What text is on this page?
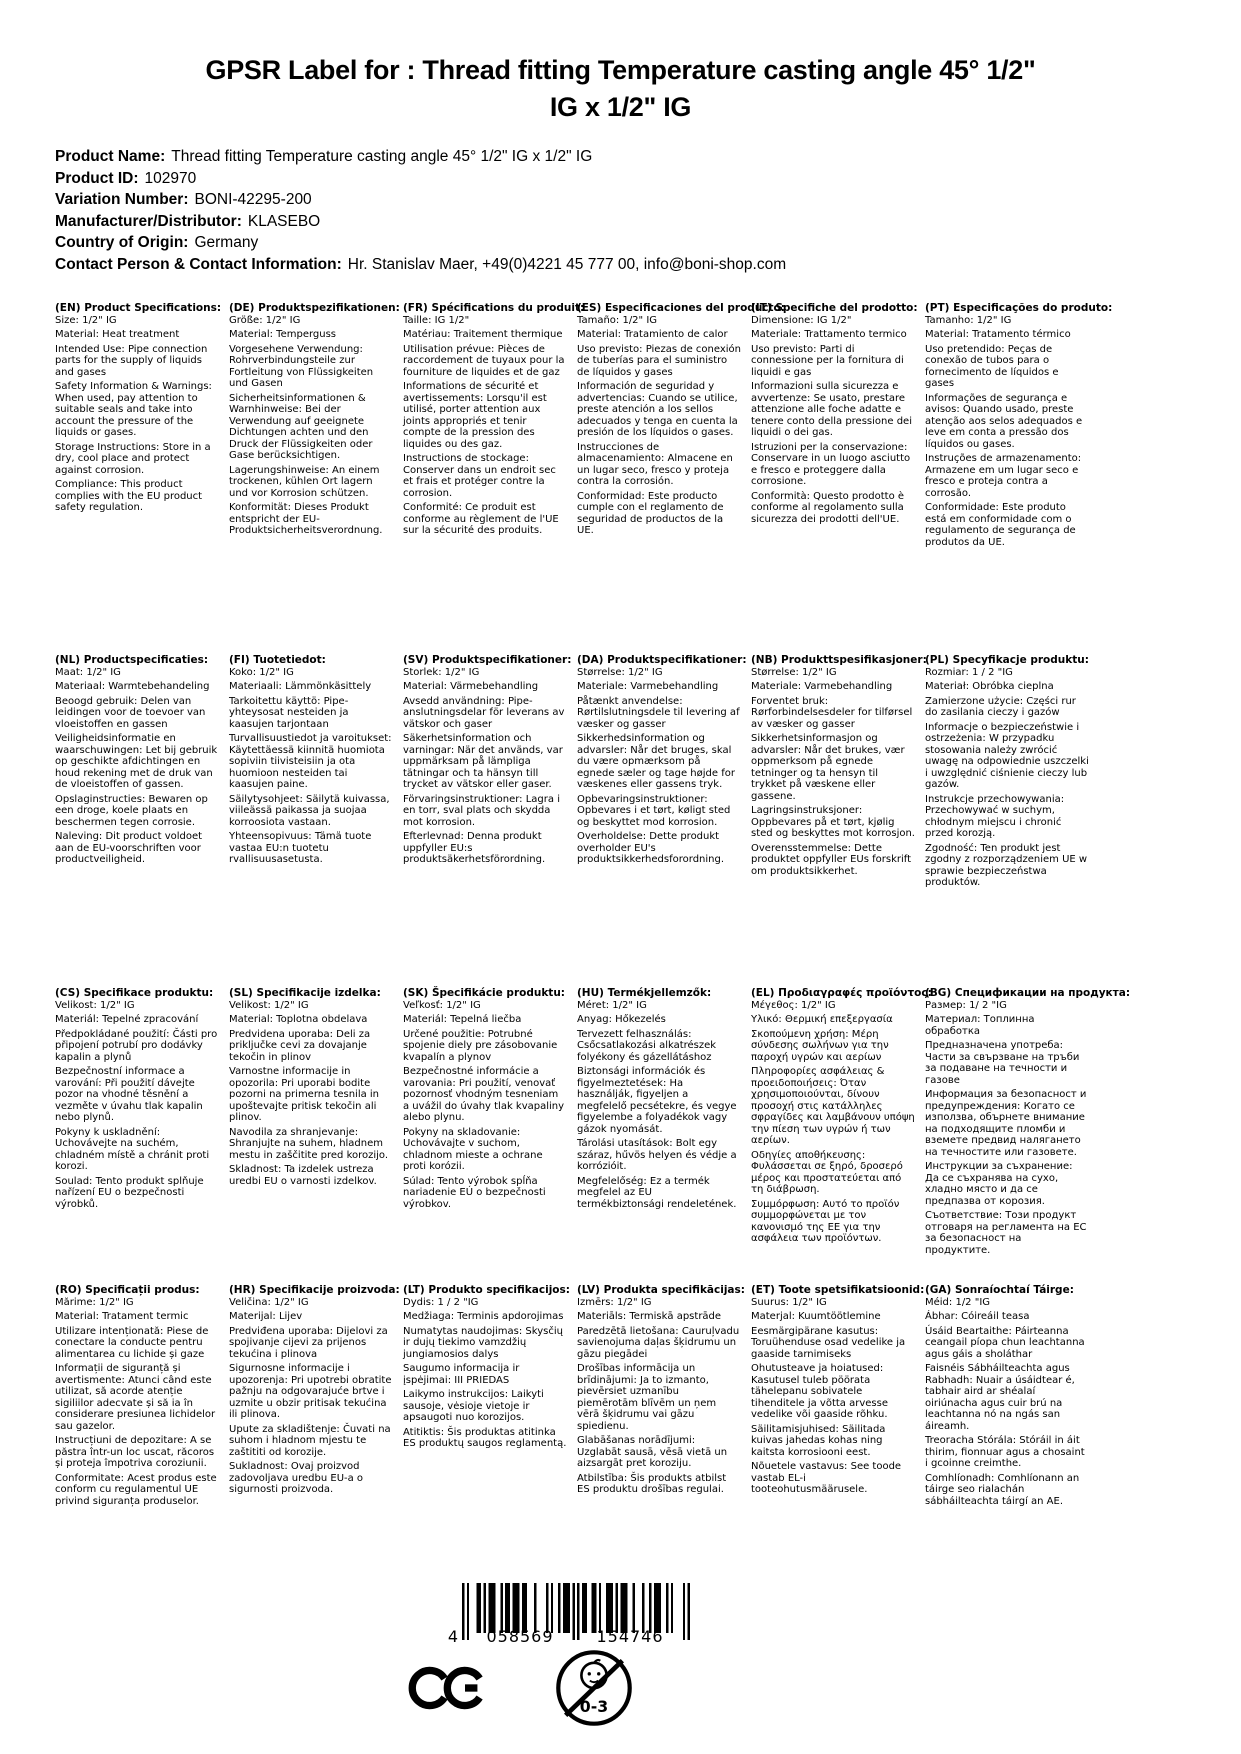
GPSR Label for : Thread fitting Temperature casting angle 45° 1/2"
IG x 1/2" IG
Product Name: Thread fitting Temperature casting angle 45° 1/2" IG x 1/2" IG
Product ID: 102970
Variation Number: BONI-42295-200
Manufacturer/Distributor: KLASEBO
Country of Origin: Germany
Contact Person & Contact Information: Hr. Stanislav Maer, +49(0)4221 45 777 00, info@boni-shop.com
(EN) Product Specifications:

Size: 1/2" IG

Material: Heat treatment

Intended Use: Pipe connection parts for the supply of liquids and gases

Safety Information & Warnings: When used, pay attention to suitable seals and take into account the pressure of the liquids or gases.

Storage Instructions: Store in a dry, cool place and protect against corrosion.

Compliance: This product complies with the EU product safety regulation.

(DE) Produktspezifikationen:

Größe: 1/2" IG

Material: Temperguss

Vorgesehene Verwendung: Rohrverbindungsteile zur Fortleitung von Flüssigkeiten und Gasen

Sicherheitsinformationen & Warnhinweise: Bei der Verwendung auf geeignete Dichtungen achten und den Druck der Flüssigkeiten oder Gase berücksichtigen.

Lagerungshinweise: An einem trockenen, kühlen Ort lagern und vor Korrosion schützen.

Konformität: Dieses Produkt entspricht der EU-Produktsicherheitsverordnung.

(FR) Spécifications du produit:

Taille: IG 1/2"

Matériau: Traitement thermique

Utilisation prévue: Pièces de raccordement de tuyaux pour la fourniture de liquides et de gaz

Informations de sécurité et avertissements: Lorsqu'il est utilisé, porter attention aux joints appropriés et tenir compte de la pression des liquides ou des gaz.

Instructions de stockage: Conserver dans un endroit sec et frais et protéger contre la corrosion.

Conformité: Ce produit est conforme au règlement de l'UE sur la sécurité des produits.

(ES) Especificaciones del producto:

Tamaño: 1/2" IG

Material: Tratamiento de calor

Uso previsto: Piezas de conexión de tuberías para el suministro de líquidos y gases

Información de seguridad y advertencias: Cuando se utilice, preste atención a los sellos adecuados y tenga en cuenta la presión de los líquidos o gases.

Instrucciones de almacenamiento: Almacene en un lugar seco, fresco y proteja contra la corrosión.

Conformidad: Este producto cumple con el reglamento de seguridad de productos de la UE.

(IT) Specifiche del prodotto:

Dimensione: IG 1/2"

Materiale: Trattamento termico

Uso previsto: Parti di connessione per la fornitura di liquidi e gas

Informazioni sulla sicurezza e avvertenze: Se usato, prestare attenzione alle foche adatte e tenere conto della pressione dei liquidi o dei gas.

Istruzioni per la conservazione: Conservare in un luogo asciutto e fresco e proteggere dalla corrosione.

Conformità: Questo prodotto è conforme al regolamento sulla sicurezza dei prodotti dell'UE.

(PT) Especificações do produto:

Tamanho: 1/2" IG

Material: Tratamento térmico

Uso pretendido: Peças de conexão de tubos para o fornecimento de líquidos e gases

Informações de segurança e avisos: Quando usado, preste atenção aos selos adequados e leve em conta a pressão dos líquidos ou gases.

Instruções de armazenamento: Armazene em um lugar seco e fresco e proteja contra a corrosão.

Conformidade: Este produto está em conformidade com o regulamento de segurança de produtos da UE.

(NL) Productspecificaties:

Maat: 1/2" IG

Materiaal: Warmtebehandeling

Beoogd gebruik: Delen van leidingen voor de toevoer van vloeistoffen en gassen

Veiligheidsinformatie en waarschuwingen: Let bij gebruik op geschikte afdichtingen en houd rekening met de druk van de vloeistoffen of gassen.

Opslaginstructies: Bewaren op een droge, koele plaats en beschermen tegen corrosie.

Naleving: Dit product voldoet aan de EU-voorschriften voor productveiligheid.

(FI) Tuotetiedot:

Koko: 1/2" IG

Materiaali: Lämmönkäsittely

Tarkoitettu käyttö: Pipe-yhteysosat nesteiden ja kaasujen tarjontaan

Turvallisuustiedot ja varoitukset: Käytettäessä kiinnitä huomiota sopiviin tiivisteisiin ja ota huomioon nesteiden tai kaasujen paine.

Säilytysohjeet: Säilytä kuivassa, viileässä paikassa ja suojaa korroosiota vastaan.

Yhteensopivuus: Tämä tuote vastaa EU:n tuotetu rvallisuusasetusta.

(SV) Produktspecifikationer:

Storlek: 1/2" IG

Material: Värmebehandling

Avsedd användning: Pipe-anslutningsdelar för leverans av vätskor och gaser

Säkerhetsinformation och varningar: När det används, var uppmärksam på lämpliga tätningar och ta hänsyn till trycket av vätskor eller gaser.

Förvaringsinstruktioner: Lagra i en torr, sval plats och skydda mot korrosion.

Efterlevnad: Denna produkt uppfyller EU:s produktsäkerhetsförordning.

(DA) Produktspecifikationer:

Størrelse: 1/2" IG

Materiale: Varmebehandling

Påtænkt anvendelse: Rørtilslutningsdele til levering af væsker og gasser

Sikkerhedsinformation og advarsler: Når det bruges, skal du være opmærksom på egnede sæler og tage højde for væskenes eller gassens tryk.

Opbevaringsinstruktioner: Opbevares i et tørt, køligt sted og beskyttet mod korrosion.

Overholdelse: Dette produkt overholder EU's produktsikkerhedsforordning.

(NB) Produkttspesifikasjoner:

Størrelse: 1/2" IG

Materiale: Varmebehandling

Forventet bruk: Rørforbindelsesdeler for tilførsel av væsker og gasser

Sikkerhetsinformasjon og advarsler: Når det brukes, vær oppmerksom på egnede tetninger og ta hensyn til trykket på væskene eller gassene.

Lagringsinstruksjoner: Oppbevares på et tørt, kjølig sted og beskyttes mot korrosjon.

Overensstemmelse: Dette produktet oppfyller EUs forskrift om produktsikkerhet.

(PL) Specyfikacje produktu:

Rozmiar: 1 / 2 "IG

Materiał: Obróbka cieplna

Zamierzone użycie: Części rur do zasilania cieczy i gazów

Informacje o bezpieczeństwie i ostrzeżenia: W przypadku stosowania należy zwrócić uwagę na odpowiednie uszczelki i uwzględnić ciśnienie cieczy lub gazów.

Instrukcje przechowywania: Przechowywać w suchym, chłodnym miejscu i chronić przed korozją.

Zgodność: Ten produkt jest zgodny z rozporządzeniem UE w sprawie bezpieczeństwa produktów.

(CS) Specifikace produktu:

Velikost: 1/2" IG

Materiál: Tepelné zpracování

Předpokládané použití: Části pro připojení potrubí pro dodávky kapalin a plynů

Bezpečnostní informace a varování: Při použití dávejte pozor na vhodné těsnění a vezměte v úvahu tlak kapalin nebo plynů.

Pokyny k uskladnění: Uchovávejte na suchém, chladném místě a chránit proti korozi.

Soulad: Tento produkt splňuje nařízení EU o bezpečnosti výrobků.

(SL) Specifikacije izdelka:

Velikost: 1/2" IG

Material: Toplotna obdelava

Predvidena uporaba: Deli za priključke cevi za dovajanje tekočin in plinov

Varnostne informacije in opozorila: Pri uporabi bodite pozorni na primerna tesnila in upoštevajte pritisk tekočin ali plinov.

Navodila za shranjevanje: Shranjujte na suhem, hladnem mestu in zaščitite pred korozijo.

Skladnost: Ta izdelek ustreza uredbi EU o varnosti izdelkov.

(SK) Špecifikácie produktu:

Veľkosť: 1/2" IG

Materiál: Tepelná liečba

Určené použitie: Potrubné spojenie diely pre zásobovanie kvapalín a plynov

Bezpečnostné informácie a varovania: Pri použití, venovať pozornosť vhodným tesneniam a uvážil do úvahy tlak kvapaliny alebo plynu.

Pokyny na skladovanie: Uchovávajte v suchom, chladnom mieste a ochrane proti korózii.

Súlad: Tento výrobok spĺňa nariadenie EÚ o bezpečnosti výrobkov.

(HU) Termékjellemzők:

Méret: 1/2" IG

Anyag: Hőkezelés

Tervezett felhasználás: Csőcsatlakozási alkatrészek folyékony és gázellátáshoz

Biztonsági információk és figyelmeztetések: Ha használják, figyeljen a megfelelő pecsétekre, és vegye figyelembe a folyadékok vagy gázok nyomását.

Tárolási utasítások: Bolt egy száraz, hűvös helyen és védje a korrózióit.

Megfelelőség: Ez a termék megfelel az EU termékbiztonsági rendeletének.

(EL) Προδιαγραφές προϊόντος:

Μέγεθος: 1/2" IG

Υλικό: Θερμική επεξεργασία

Σκοπούμενη χρήση: Μέρη σύνδεσης σωλήνων για την παροχή υγρών και αερίων

Πληροφορίες ασφάλειας & προειδοποιήσεις: Όταν χρησιμοποιούνται, δίνουν προσοχή στις κατάλληλες σφραγίδες και λαμβάνουν υπόψη την πίεση των υγρών ή των αερίων.

Οδηγίες αποθήκευσης: Φυλάσσεται σε ξηρό, δροσερό μέρος και προστατεύεται από τη διάβρωση.

Συμμόρφωση: Αυτό το προϊόν συμμορφώνεται με τον κανονισμό της ΕΕ για την ασφάλεια των προϊόντων.

(BG) Спецификации на продукта:

Размер: 1/ 2 "IG

Материал: Топлинна обработка

Предназначена употреба: Части за свързване на тръби за подаване на течности и газове

Информация за безопасност и предупреждения: Когато се използва, обърнете внимание на подходящите пломби и вземете предвид налягането на течностите или газовете.

Инструкции за съхранение: Да се съхранява на сухо, хладно място и да се предпазва от корозия.

Съответствие: Този продукт отговаря на регламента на ЕС за безопасност на продуктите.

(RO) Specificații produs:

Mărime: 1/2" IG

Material: Tratament termic

Utilizare intenționată: Piese de conectare la conducte pentru alimentarea cu lichide și gaze

Informații de siguranță și avertismente: Atunci când este utilizat, să acorde atenție sigiliilor adecvate și să ia în considerare presiunea lichidelor sau gazelor.

Instrucțiuni de depozitare: A se păstra într-un loc uscat, răcoros și proteja împotriva coroziunii.

Conformitate: Acest produs este conform cu regulamentul UE privind siguranța produselor.

(HR) Specifikacije proizvoda:

Veličina: 1/2" IG

Materijal: Lijev

Predviđena uporaba: Dijelovi za spojivanje cijevi za prijenos tekućina i plinova

Sigurnosne informacije i upozorenja: Pri upotrebi obratite pažnju na odgovarajuće brtve i uzmite u obzir pritisak tekućina ili plinova.

Upute za skladištenje: Čuvati na suhom i hladnom mjestu te zaštititi od korozije.

Sukladnost: Ovaj proizvod zadovoljava uredbu EU-a o sigurnosti proizvoda.

(LT) Produkto specifikacijos:

Dydis: 1 / 2 "IG

Medžiaga: Terminis apdorojimas

Numatytas naudojimas: Skysčių ir dujų tiekimo vamzdžių jungiamosios dalys

Saugumo informacija ir įspėjimai: III PRIEDAS

Laikymo instrukcijos: Laikyti sausoje, vėsioje vietoje ir apsaugoti nuo korozijos.

Atitiktis: Šis produktas atitinka ES produktų saugos reglamentą.

(LV) Produkta specifikācijas:

Izmērs: 1/2" IG

Materiāls: Termiskā apstrāde

Paredzētā lietošana: Cauruļvadu savienojuma daļas šķidrumu un gāzu piegādei

Drošības informācija un brīdinājumi: Ja to izmanto, pievērsiet uzmanību piemērotām blīvēm un ņem vērā šķidrumu vai gāzu spiedienu.

Glabāšanas norādījumi: Uzglabāt sausā, vēsā vietā un aizsargāt pret koroziju.

Atbilstība: Šis produkts atbilst ES produktu drošības regulai.

(ET) Toote spetsifikatsioonid:

Suurus: 1/2" IG

Materjal: Kuumtöötlemine

Eesmärgipärane kasutus: Toruühenduse osad vedelike ja gaaside tarnimiseks

Ohutusteave ja hoiatused: Kasutusel tuleb pöörata tähelepanu sobivatele tihenditele ja võtta arvesse vedelike või gaaside rõhku.

Säilitamisjuhised: Säilitada kuivas jahedas kohas ning kaitsta korrosiooni eest.

Nõuetele vastavus: See toode vastab EL-i tooteohutusmäärusele.

(GA) Sonraíochtaí Táirge:

Méid: 1/2 "IG

Ábhar: Cóireáil teasa

Úsáid Beartaithe: Páirteanna ceangail píopa chun leachtanna agus gáis a sholáthar

Faisnéis Sábháilteachta agus Rabhadh: Nuair a úsáidtear é, tabhair aird ar shéalaí oiriúnacha agus cuir brú na leachtanna nó na ngás san áireamh.

Treoracha Stórála: Stóráil in áit thirim, fionnuar agus a chosaint i gcoinne creimthe.

Comhlíonadh: Comhlíonann an táirge seo rialachán sábháilteachta táirgí an AE.

4	058569	154746
0-3
